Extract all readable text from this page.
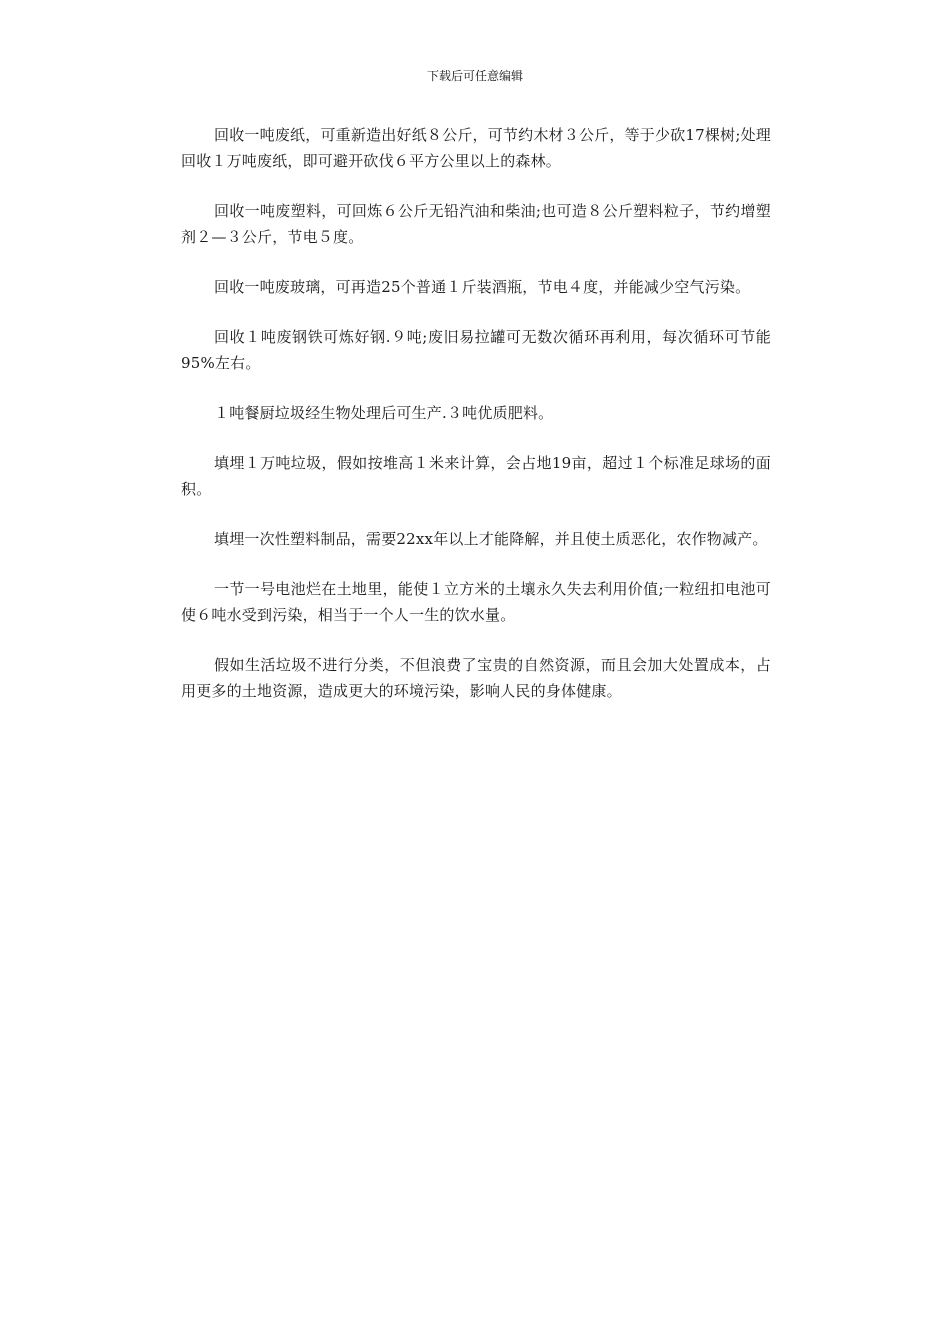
下载后可任意编辑

回收一吨废纸，可重新造出好纸８公斤，可节约木材３公斤，等于少砍17棵树;处理回收１万吨废纸，即可避开砍伐６平方公里以上的森林。

回收一吨废塑料，可回炼６公斤无铅汽油和柴油;也可造８公斤塑料粒子，节约增塑剂２—３公斤，节电５度。

回收一吨废玻璃，可再造25个普通１斤装酒瓶，节电４度，并能减少空气污染。

回收１吨废钢铁可炼好钢.９吨;废旧易拉罐可无数次循环再利用，每次循环可节能95%左右。

１吨餐厨垃圾经生物处理后可生产.３吨优质肥料。

填埋１万吨垃圾，假如按堆高１米来计算，会占地19亩，超过１个标准足球场的面积。

填埋一次性塑料制品，需要22xx年以上才能降解，并且使土质恶化，农作物减产。

一节一号电池烂在土地里，能使１立方米的土壤永久失去利用价值;一粒纽扣电池可使６吨水受到污染，相当于一个人一生的饮水量。

假如生活垃圾不进行分类，不但浪费了宝贵的自然资源，而且会加大处置成本，占用更多的土地资源，造成更大的环境污染，影响人民的身体健康。
